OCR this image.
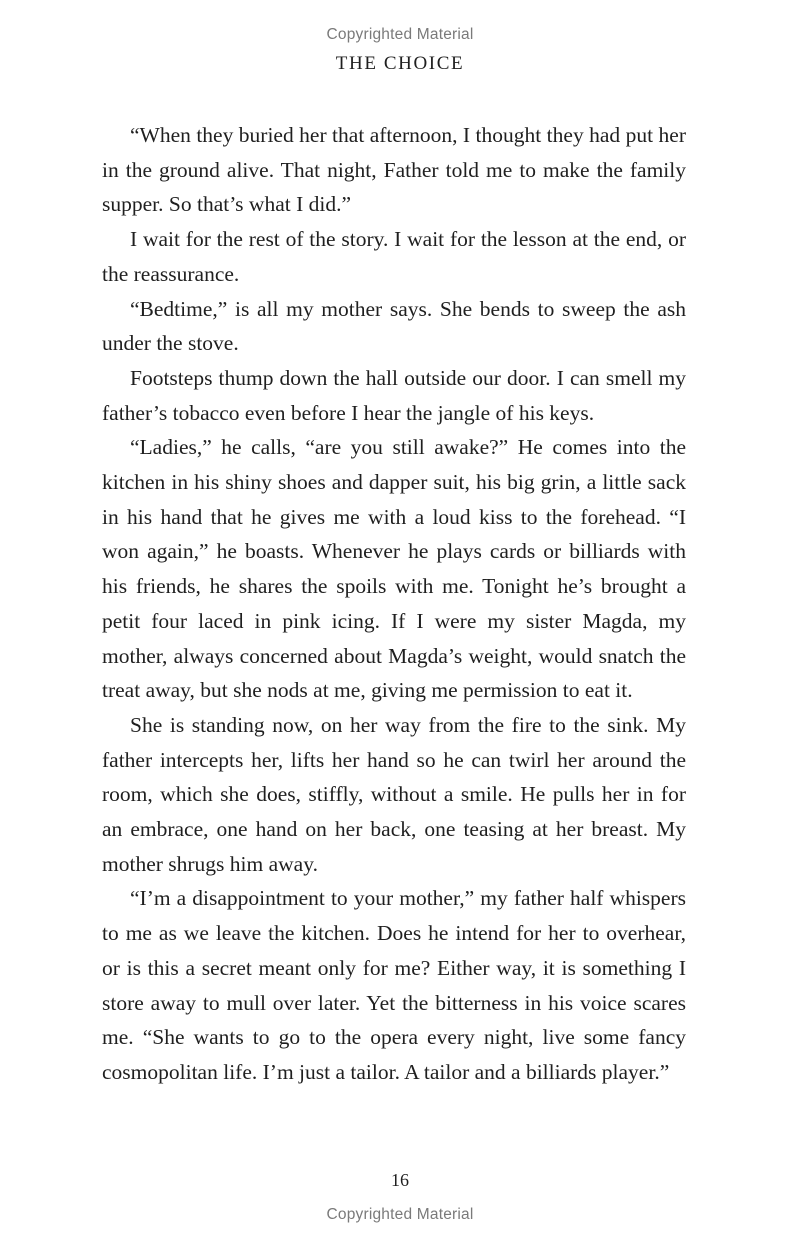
Copyrighted Material
THE CHOICE

“When they buried her that afternoon, I thought they had put her in the ground alive. That night, Father told me to make the family supper. So that’s what I did.”

I wait for the rest of the story. I wait for the lesson at the end, or the reassurance.

“Bedtime,” is all my mother says. She bends to sweep the ash under the stove.

Footsteps thump down the hall outside our door. I can smell my father’s tobacco even before I hear the jangle of his keys.

“Ladies,” he calls, “are you still awake?” He comes into the kitchen in his shiny shoes and dapper suit, his big grin, a little sack in his hand that he gives me with a loud kiss to the forehead. “I won again,” he boasts. Whenever he plays cards or billiards with his friends, he shares the spoils with me. Tonight he’s brought a petit four laced in pink icing. If I were my sister Magda, my mother, always concerned about Magda’s weight, would snatch the treat away, but she nods at me, giving me permission to eat it.

She is standing now, on her way from the fire to the sink. My father intercepts her, lifts her hand so he can twirl her around the room, which she does, stiffly, without a smile. He pulls her in for an embrace, one hand on her back, one teasing at her breast. My mother shrugs him away.

“I’m a disappointment to your mother,” my father half whispers to me as we leave the kitchen. Does he intend for her to overhear, or is this a secret meant only for me? Either way, it is something I store away to mull over later. Yet the bitterness in his voice scares me. “She wants to go to the opera every night, live some fancy cosmopolitan life. I’m just a tailor. A tailor and a billiards player.”

16
Copyrighted Material
